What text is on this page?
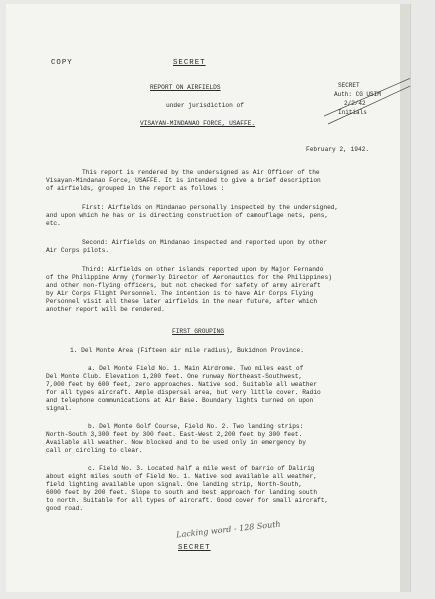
COPY	SECRET
REPORT ON AIRFIELDS
under jurisdiction of
VISAYAN-MINDANAO FORCE, USAFFE.
SECRET
Auth: CG USIM
2/2/42
Initials
February 2, 1942.
This report is rendered by the undersigned as Air Officer of the
Visayan-Mindanao Force, USAFFE. It is intended to give a brief description
of airfields, grouped in the report as follows :
First: Airfields on Mindanao personally inspected by the undersigned,
and upon which he has or is directing construction of camouflage nets, pens,
etc.
Second: Airfields on Mindanao inspected and reported upon by other
Air Corps pilots.
Third: Airfields on other islands reported upon by Major Fernando
of the Philippine Army (formerly Director of Aeronautics for the Philippines)
and other non-flying officers, but not checked for safety of army aircraft
by Air Corps Flight Personnel. The intention is to have Air Corps Flying
Personnel visit all these later airfields in the near future, after which
another report will be rendered.
FIRST GROUPING
1. Del Monte Area (Fifteen air mile radius), Bukidnon Province.
a. Del Monte Field No. 1. Main Airdrome. Two miles east of
Del Monte Club. Elevation 1,200 feet. One runway Northeast-Southwest,
7,000 feet by 600 feet, zero approaches. Native sod. Suitable all weather
for all types aircraft. Ample dispersal area, but very little cover. Radio
and telephone communications at Air Base. Boundary lights turned on upon
signal.
b. Del Monte Golf Course, Field No. 2. Two landing strips:
North-South 3,300 feet by 300 feet. East-West 2,200 feet by 300 feet.
Available all weather. Now blocked and to be used only in emergency by
call or circling to clear.
c. Field No. 3. Located half a mile west of barrio of Dalirig
about eight miles south of Field No. 1. Native sod available all weather,
field lighting available upon signal. One landing strip, North-South,
6000 feet by 200 feet. Slope to south and best approach for landing south
to north. Suitable for all types of aircraft. Good cover for small aircraft,
good road.
Lacking word - 128 South
SECRET
